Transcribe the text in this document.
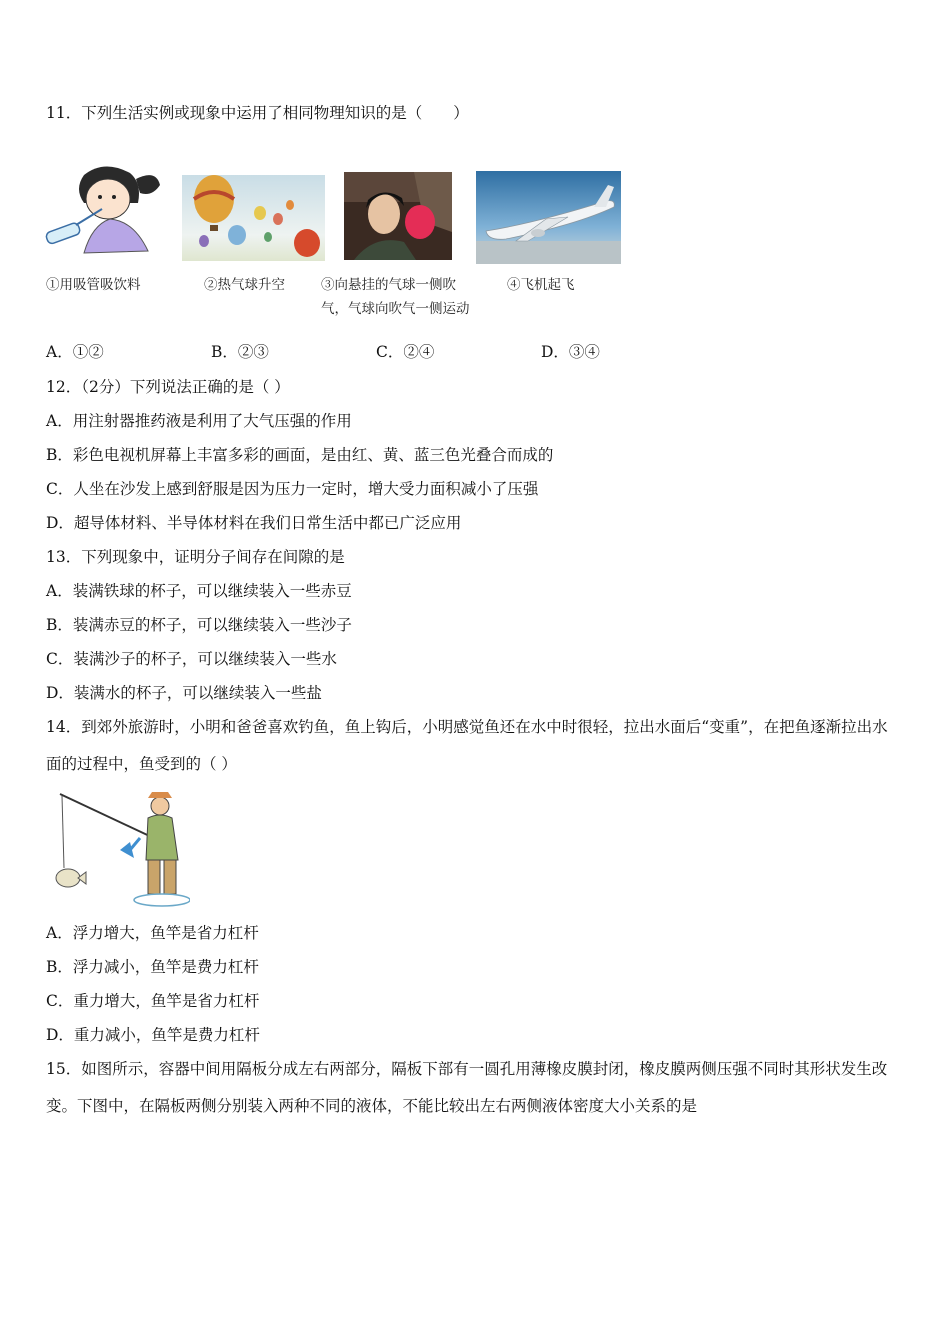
11．下列生活实例或现象中运用了相同物理知识的是（　　）
①用吸管吸饮料	②热气球升空	③向悬挂的气球一侧吹
气，气球向吹气一侧运动
④飞机起飞
A．①②	B．②③	C．②④	D．③④
12．（2分）下列说法正确的是（ ）
A．用注射器推药液是利用了大气压强的作用
B．彩色电视机屏幕上丰富多彩的画面，是由红、黄、蓝三色光叠合而成的
C．人坐在沙发上感到舒服是因为压力一定时，增大受力面积减小了压强
D．超导体材料、半导体材料在我们日常生活中都已广泛应用
13．下列现象中，证明分子间存在间隙的是
A．装满铁球的杯子，可以继续装入一些赤豆
B．装满赤豆的杯子，可以继续装入一些沙子
C．装满沙子的杯子，可以继续装入一些水
D．装满水的杯子，可以继续装入一些盐
14．到郊外旅游时，小明和爸爸喜欢钓鱼，鱼上钩后，小明感觉鱼还在水中时很轻，拉出水面后“变重”，在把鱼逐渐拉出水面的过程中，鱼受到的（ ）
A．浮力增大，鱼竿是省力杠杆
B．浮力减小，鱼竿是费力杠杆
C．重力增大，鱼竿是省力杠杆
D．重力减小，鱼竿是费力杠杆
15．如图所示，容器中间用隔板分成左右两部分，隔板下部有一圆孔用薄橡皮膜封闭，橡皮膜两侧压强不同时其形状发生改变。下图中，在隔板两侧分别装入两种不同的液体，不能比较出左右两侧液体密度大小关系的是
